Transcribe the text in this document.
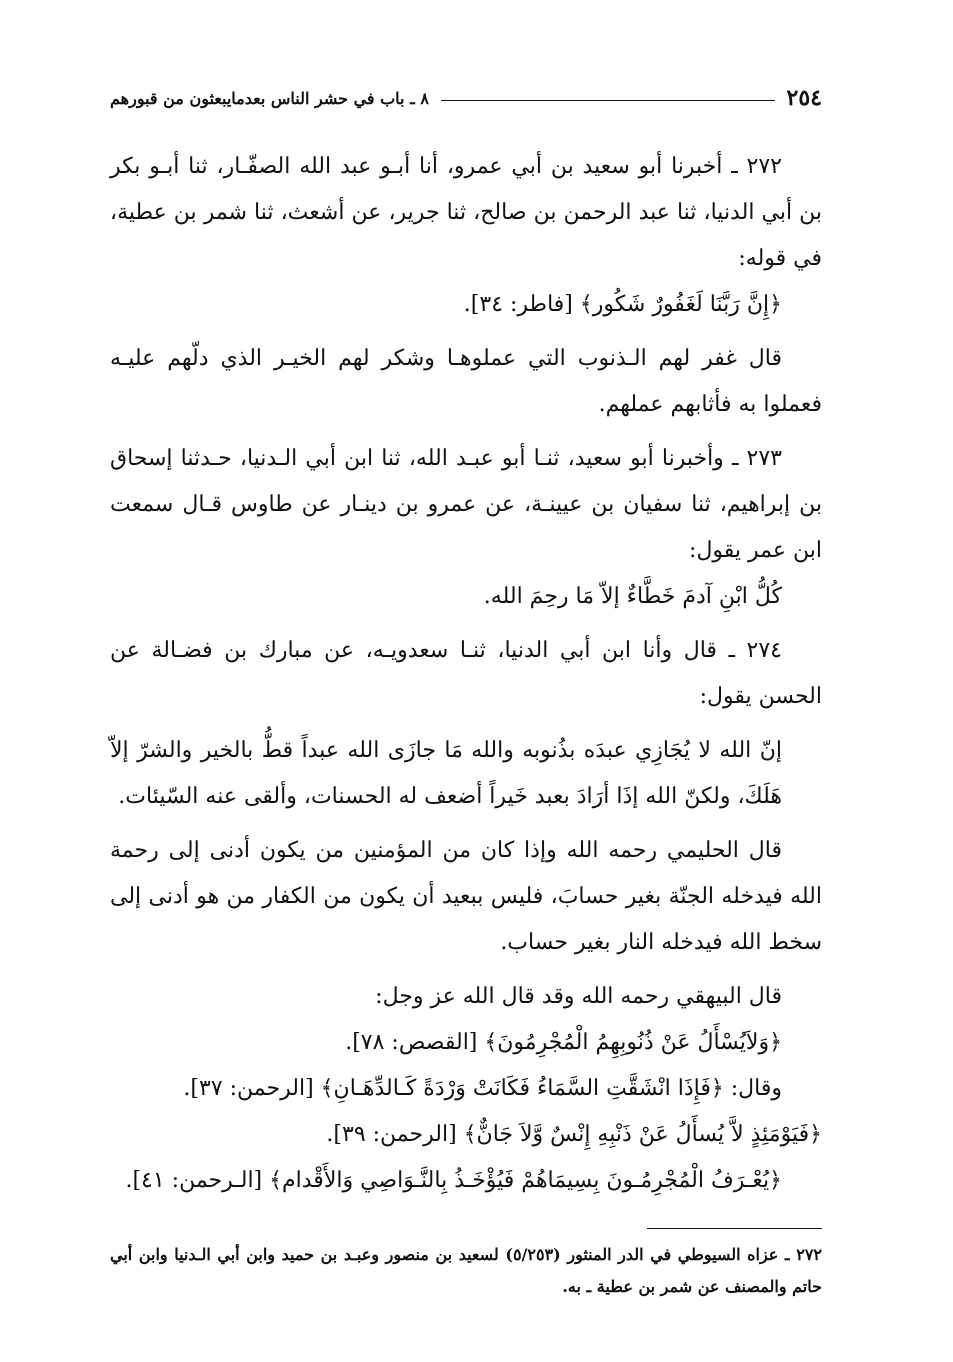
٢٥٤
٨ ـ باب في حشر الناس بعدمايبعثون من قبورهم

٢٧٢ ـ أخبرنا أبو سعيد بن أبي عمرو، أنا أبـو عبد الله الصفّـار، ثنا أبـو بكر بن أبي الدنيا، ثنا عبد الرحمن بن صالح، ثنا جرير، عن أشعث، ثنا شمر بن عطية، في قوله:

﴿إِنَّ رَبَّنَا لَغَفُورٌ شَكُور﴾ [فاطر: ٣٤].

قال غفر لهم الـذنوب التي عملوهـا وشكر لهم الخيـر الذي دلّهم عليـه فعملوا به فأثابهم عملهم.

٢٧٣ ـ وأخبرنا أبو سعيد، ثنـا أبو عبـد الله، ثنا ابن أبي الـدنيا، حـدثنا إسحاق بن إبراهيم، ثنا سفيان بن عيينـة، عن عمرو بن دينـار عن طاوس قـال سمعت ابن عمر يقول:

كُلُّ ابْنِ آدمَ خَطَّاءٌ إلاّ مَا رحِمَ الله.

٢٧٤ ـ قال وأنا ابن أبي الدنيا، ثنـا سعدويـه، عن مبارك بن فضـالة عن الحسن يقول:

إنّ الله لا يُجَازِي عبدَه بذُنوبه والله مَا جازَى الله عبداً قطُّ بالخير والشرّ إلاّ هَلَكَ، ولكنّ الله إذَا أرَادَ بعبد خَيراً أضعف له الحسنات، وألقى عنه السّيئات.

قال الحليمي رحمه الله وإذا كان من المؤمنين من يكون أدنى إلى رحمة الله فيدخله الجنّة بغير حسابَ، فليس ببعيد أن يكون من الكفار من هو أدنى إلى سخط الله فيدخله النار بغير حساب.

قال البيهقي رحمه الله وقد قال الله عز وجل:

﴿وَلاَيُسْأَلُ عَنْ ذُنُوبِهِمُ الْمُجْرِمُونَ﴾ [القصص: ٧٨].

وقال: ﴿فَإِذَا انْشَقَّتِ السَّمَاءُ فَكَانَتْ وَرْدَةً كَـالدِّهَـانِ﴾ [الرحمن: ٣٧].

﴿فَيَوْمَئِذٍ لاَّ يُسأَلُ عَنْ ذَنْبِهِ إِنْسٌ وَّلاَ جَانٌّ﴾ [الرحمن: ٣٩].

﴿يُعْـرَفُ الْمُجْرِمُـونَ بِسِيمَاهُمْ فَيُؤْخَـذُ بِالنَّـوَاصِي وَالأَقْدام﴾ [الـرحمن: ٤١].

٢٧٢ ـ عزاه السيوطي في الدر المنثور (٥/٢٥٣) لسعيد بن منصور وعبـد بن حميد وابن أبي الـدنيا وابن أبي حاتم والمصنف عن شمر بن عطية ـ به.
